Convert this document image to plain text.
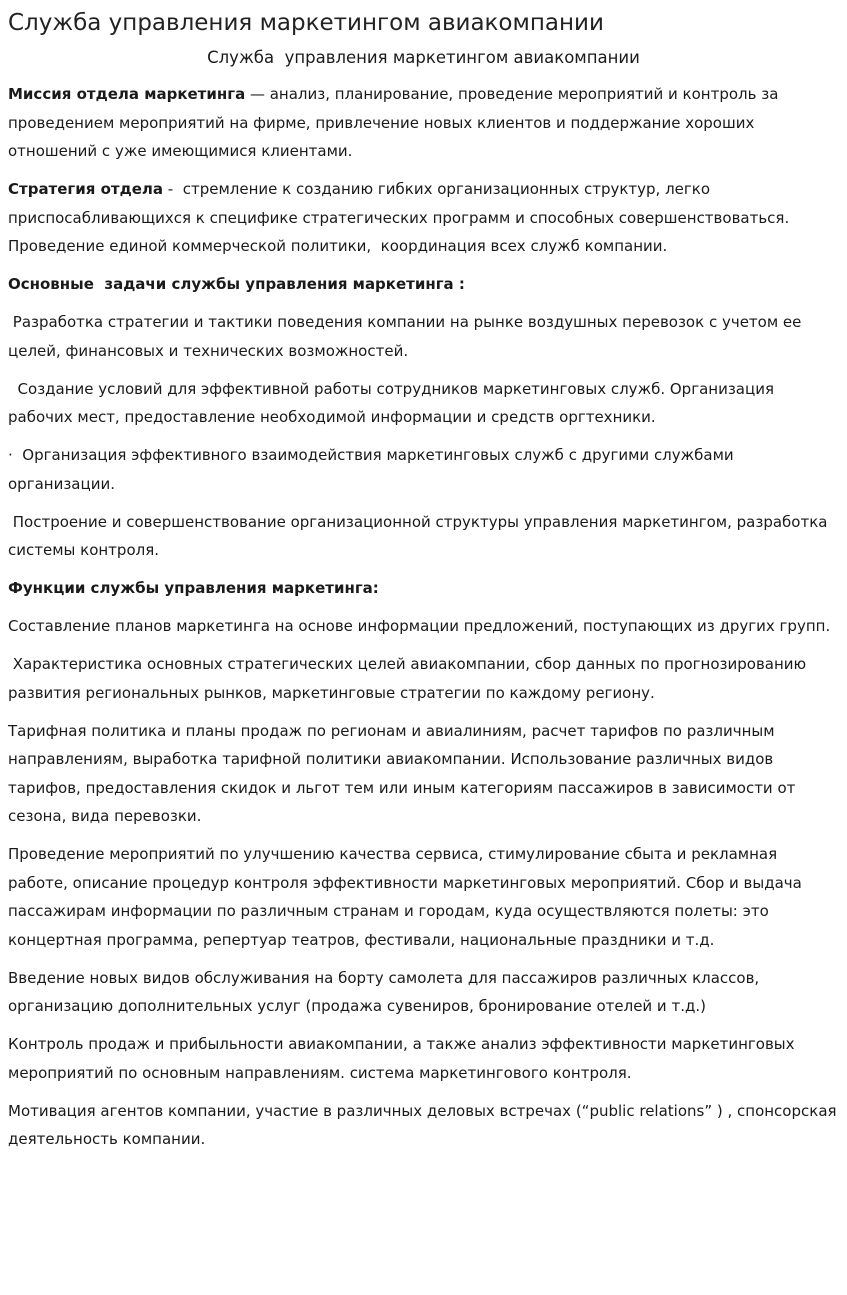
Служба управления маркетингом авиакомпании
Служба  управления маркетингом авиакомпании

Миссия отдела маркетинга — анализ, планирование, проведение мероприятий и контроль за проведением мероприятий на фирме, привлечение новых клиентов и поддержание хороших отношений с уже имеющимися клиентами.

Стратегия отдела -  стремление к созданию гибких организационных структур, легко приспосабливающихся к специфике стратегических программ и способных совершенствоваться. Проведение единой коммерческой политики,  координация всех служб компании.

Основные  задачи службы управления маркетинга :

Разработка стратегии и тактики поведения компании на рынке воздушных перевозок с учетом ее целей, финансовых и технических возможностей.

Создание условий для эффективной работы сотрудников маркетинговых служб. Организация  рабочих мест, предоставление необходимой информации и средств оргтехники.

·  Организация эффективного взаимодействия маркетинговых служб с другими службами организации.

Построение и совершенствование организационной структуры управления маркетингом, разработка системы контроля.

Функции службы управления маркетинга:

Составление планов маркетинга на основе информации предложений, поступающих из других групп.

Характеристика основных стратегических целей авиакомпании, сбор данных по прогнозированию развития региональных рынков, маркетинговые стратегии по каждому региону.

Тарифная политика и планы продаж по регионам и авиалиниям, расчет тарифов по различным направлениям, выработка тарифной политики авиакомпании. Использование различных видов тарифов, предоставления скидок и льгот тем или иным категориям пассажиров в зависимости от сезона, вида перевозки.

Проведение мероприятий по улучшению качества сервиса, стимулирование сбыта и рекламная работе, описание процедур контроля эффективности маркетинговых мероприятий. Сбор и выдача пассажирам информации по различным странам и городам, куда осуществляются полеты: это концертная программа, репертуар театров, фестивали, национальные праздники и т.д.

Введение новых видов обслуживания на борту самолета для пассажиров различных классов, организацию дополнительных услуг (продажа сувениров, бронирование отелей и т.д.)

Контроль продаж и прибыльности авиакомпании, а также анализ эффективности маркетинговых мероприятий по основным направлениям. система маркетингового контроля.

Мотивация агентов компании, участие в различных деловых встречах (“public relations” ) , спонсорская деятельность компании.
